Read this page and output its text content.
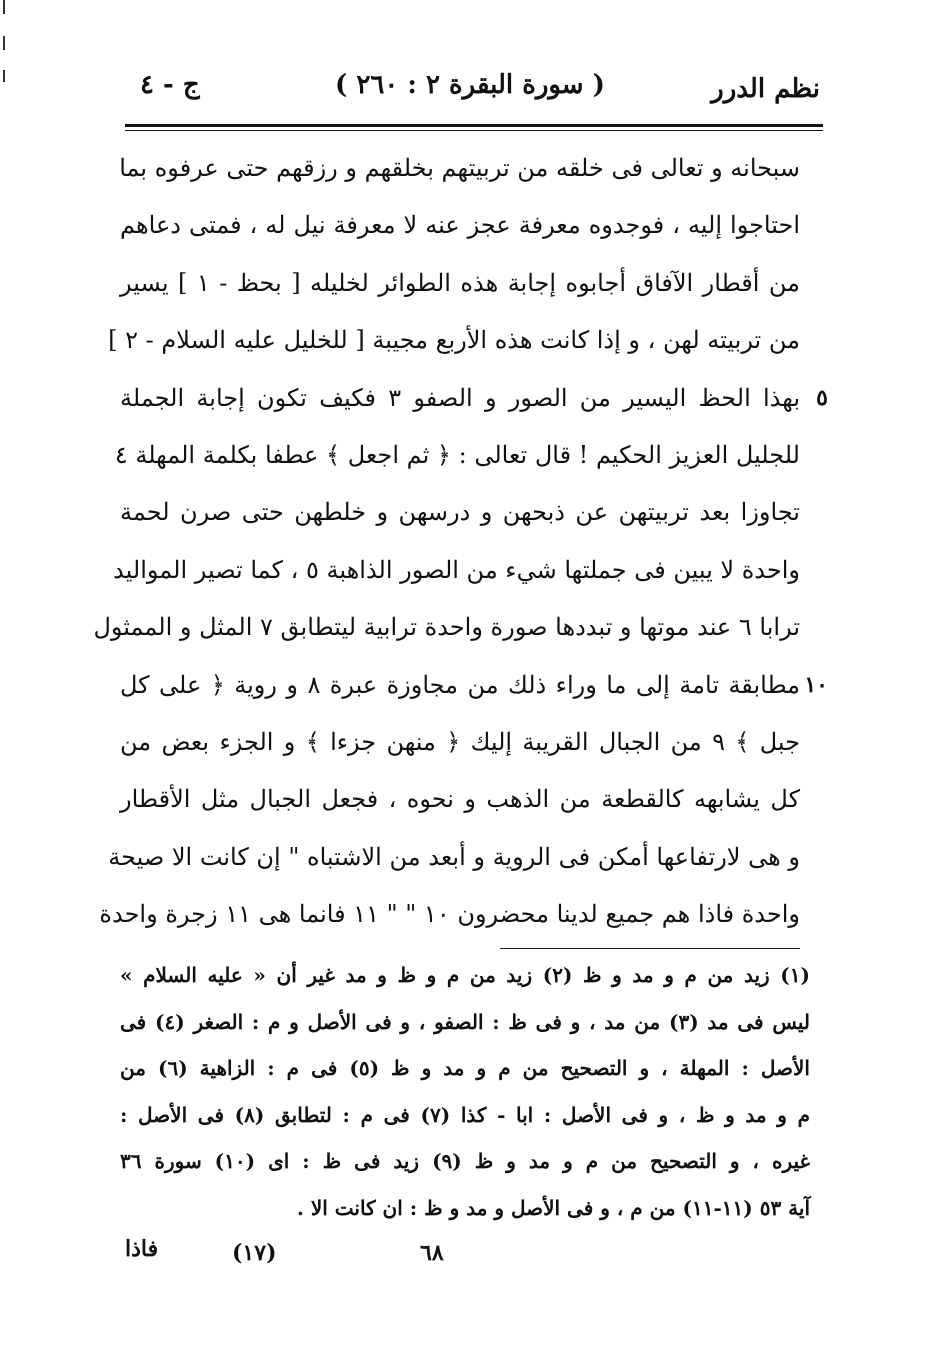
نظم الدرر
( سورة البقرة ٢ : ٢٦٠ )
ج - ٤
سبحانه و تعالى فى خلقه من تربيتهم بخلقهم و رزقهم حتى عرفوه بما
احتاجوا إليه ، فوجدوه معرفة عجز عنه لا معرفة نيل له ، فمتى دعاهم
من أقطار الآفاق أجابوه إجابة هذه الطوائر لخليله [ بحظ - ١ ] يسير
من تربيته لهن ، و إذا كانت هذه الأربع مجيبة [ للخليل عليه السلام - ٢ ]
بهذا الحظ اليسير من الصور و الصفو ٣ فكيف تكون إجابة الجملة ٥
للجليل العزيز الحكيم ! قال تعالى : ﴿ ثم اجعل ﴾ عطفا بكلمة المهلة ٤
تجاوزا بعد تربيتهن عن ذبحهن و درسهن و خلطهن حتى صرن لحمة
واحدة لا يبين فى جملتها شيء من الصور الذاهبة ٥ ، كما تصير المواليد
ترابا ٦ عند موتها و تبددها صورة واحدة ترابية ليتطابق ٧ المثل و الممثول
مطابقة تامة إلى ما وراء ذلك من مجاوزة عبرة ٨ و روية ﴿ على كل ١٠
جبل ﴾ ٩ من الجبال القريبة إليك ﴿ منهن جزءا ﴾ و الجزء بعض من
كل يشابهه كالقطعة من الذهب و نحوه ، فجعل الجبال مثل الأقطار
و هى لارتفاعها أمكن فى الروية و أبعد من الاشتباه " إن كانت الا صيحة
واحدة فاذا هم جميع لدينا محضرون ١٠ " " ١١ فانما هى ١١ زجرة واحدة
(١) زيد من م و مد و ظ (٢) زيد من م و ظ و مد غير أن « عليه السلام »
ليس فى مد (٣) من مد ، و فى ظ : الصفو ، و فى الأصل و م : الصغر (٤) فى
الأصل : المهلة ، و التصحيح من م و مد و ظ (٥) فى م : الزاهية (٦) من
م و مد و ظ ، و فى الأصل : ابا - كذا (٧) فى م : لتطابق (٨) فى الأصل :
غيره ، و التصحيح من م و مد و ظ (٩) زيد فى ظ : اى (١٠) سورة ٣٦
آية ٥٣ (١١-١١) من م ، و فى الأصل و مد و ظ : ان كانت الا .
فاذا	(١٧)	٦٨
